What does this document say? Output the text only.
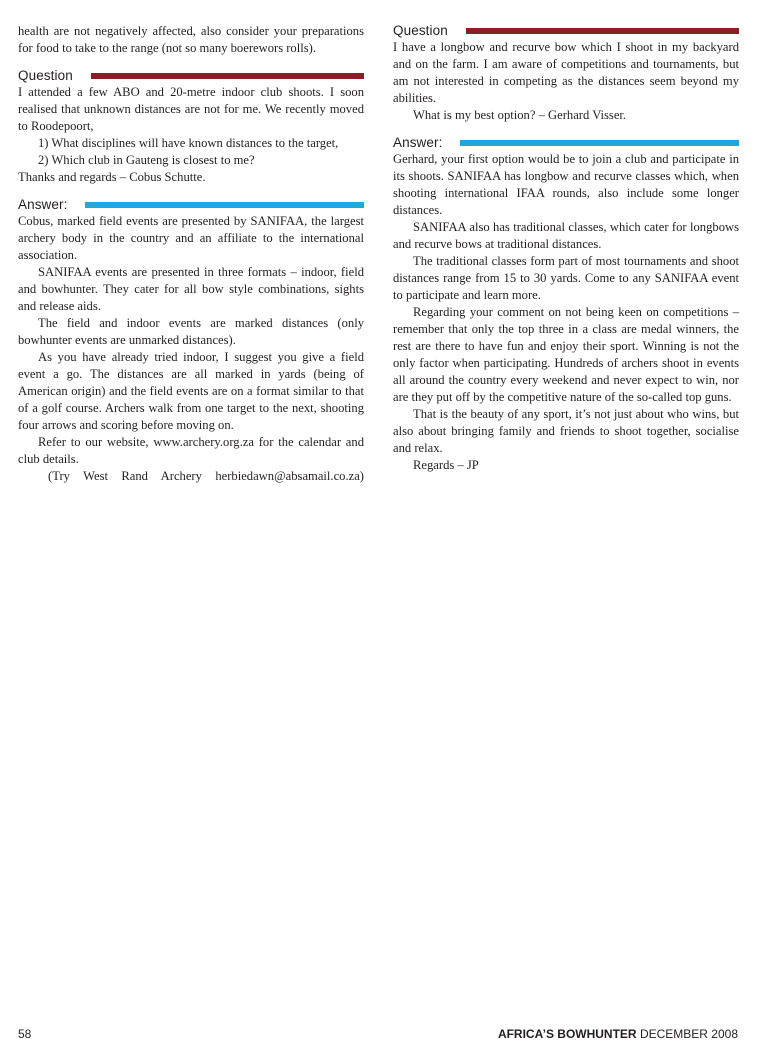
health are not negatively affected, also consider your preparations for food to take to the range (not so many boerewors rolls).

Question

I attended a few ABO and 20-metre indoor club shoots. I soon realised that unknown distances are not for me. We recently moved to Roodepoort,

1) What disciplines will have known distances to the target,

2) Which club in Gauteng is closest to me?

Thanks and regards – Cobus Schutte.

Answer:

Cobus, marked field events are presented by SANIFAA, the largest archery body in the country and an affiliate to the international association.

SANIFAA events are presented in three formats – indoor, field and bowhunter. They cater for all bow style combinations, sights and release aids.

The field and indoor events are marked distances (only bowhunter events are unmarked distances).

As you have already tried indoor, I suggest you give a field event a go. The distances are all marked in yards (being of American origin) and the field events are on a format similar to that of a golf course. Archers walk from one target to the next, shooting four arrows and scoring before moving on.

Refer to our website, www.archery.org.za for the calendar and club details.

(Try West Rand Archery herbiedawn@absamail.co.za)

Question

I have a longbow and recurve bow which I shoot in my backyard and on the farm. I am aware of competitions and tournaments, but am not interested in competing as the distances seem beyond my abilities.

What is my best option? – Gerhard Visser.

Answer:

Gerhard, your first option would be to join a club and participate in its shoots. SANIFAA has longbow and recurve classes which, when shooting international IFAA rounds, also include some longer distances.

SANIFAA also has traditional classes, which cater for longbows and recurve bows at traditional distances.

The traditional classes form part of most tournaments and shoot distances range from 15 to 30 yards. Come to any SANIFAA event to participate and learn more.

Regarding your comment on not being keen on competitions – remember that only the top three in a class are medal winners, the rest are there to have fun and enjoy their sport. Winning is not the only factor when participating. Hundreds of archers shoot in events all around the country every weekend and never expect to win, nor are they put off by the competitive nature of the so-called top guns.

That is the beauty of any sport, it’s not just about who wins, but also about bringing family and friends to shoot together, socialise and relax.

Regards – JP

58	AFRICA’S BOWHUNTER DECEMBER 2008
